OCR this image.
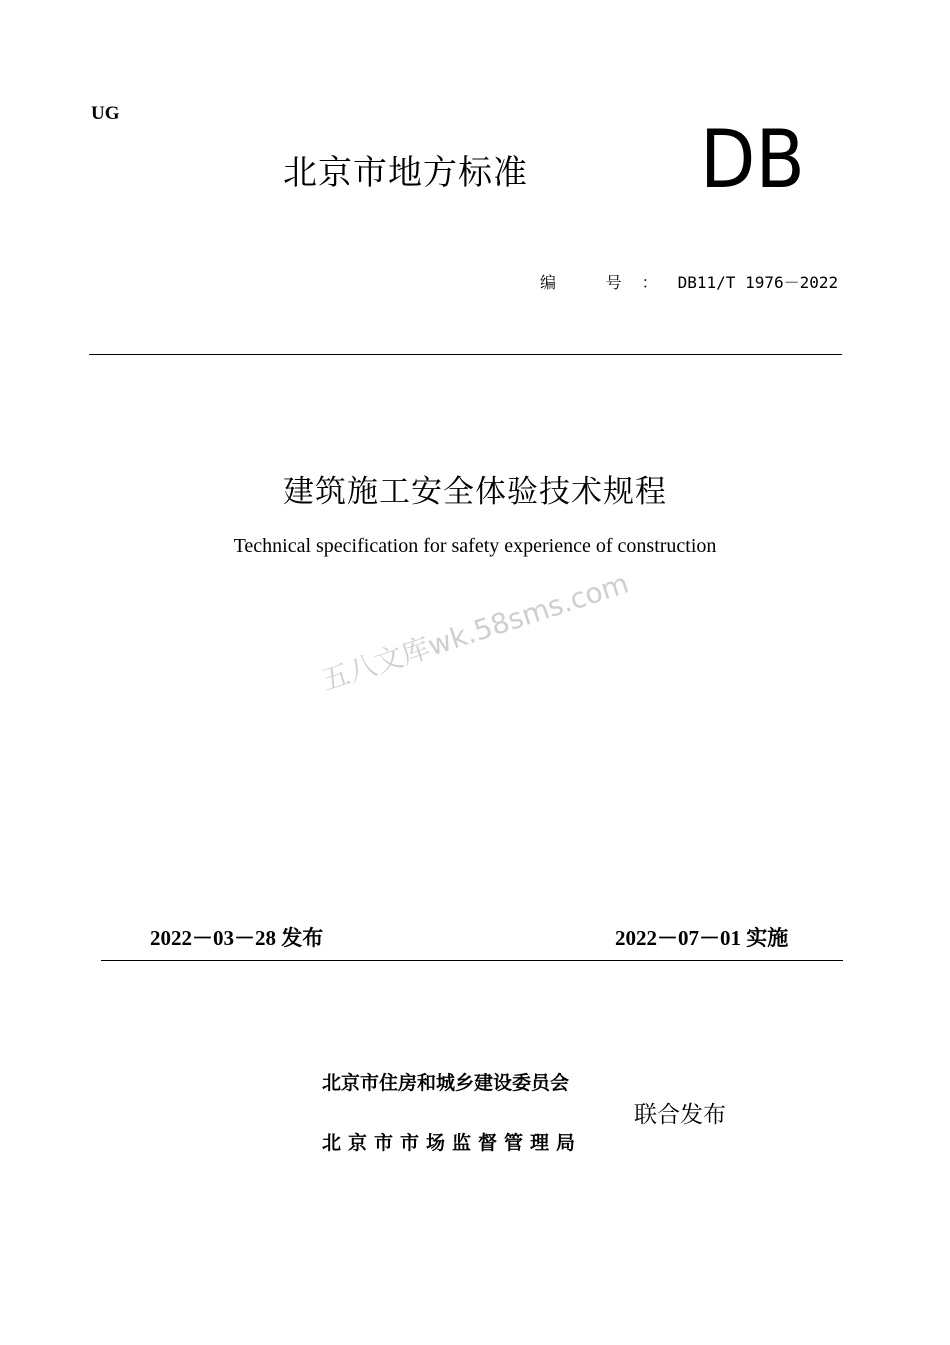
UG
北京市地方标准 DB
编 号：DB11/T 1976－2022
建筑施工安全体验技术规程
Technical specification for safety experience of construction
五八文库wk.58sms.com
2022－03－28 发布	2022－07－01 实施
北京市住房和城乡建设委员会
北京市市场监督管理局
联合发布
